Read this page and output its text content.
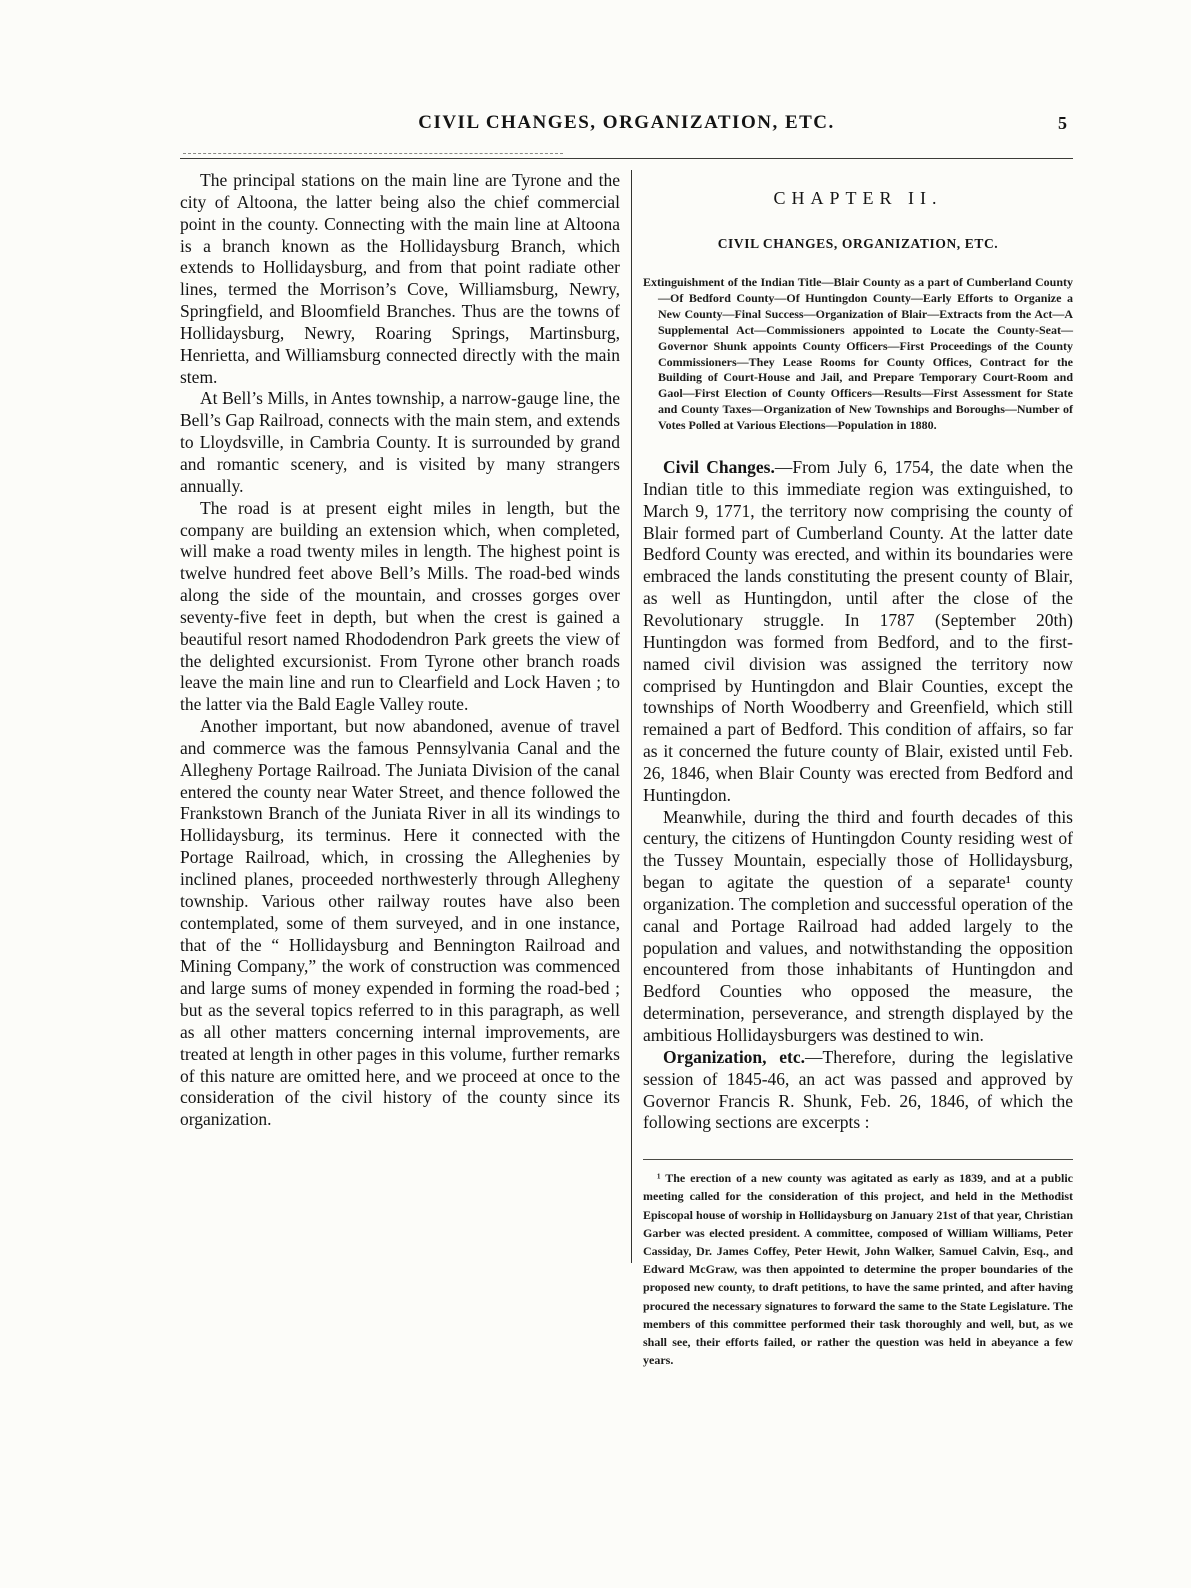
CIVIL CHANGES, ORGANIZATION, ETC.	5

The principal stations on the main line are Tyrone and the city of Altoona, the latter being also the chief commercial point in the county. Connecting with the main line at Altoona is a branch known as the Hollidaysburg Branch, which extends to Hollidaysburg, and from that point radiate other lines, termed the Morrison’s Cove, Williamsburg, Newry, Springfield, and Bloomfield Branches. Thus are the towns of Hollidaysburg, Newry, Roaring Springs, Martinsburg, Henrietta, and Williamsburg connected directly with the main stem.

At Bell’s Mills, in Antes township, a narrow-gauge line, the Bell’s Gap Railroad, connects with the main stem, and extends to Lloydsville, in Cambria County. It is surrounded by grand and romantic scenery, and is visited by many strangers annually.

The road is at present eight miles in length, but the company are building an extension which, when completed, will make a road twenty miles in length. The highest point is twelve hundred feet above Bell’s Mills. The road-bed winds along the side of the mountain, and crosses gorges over seventy-five feet in depth, but when the crest is gained a beautiful resort named Rhododendron Park greets the view of the delighted excursionist. From Tyrone other branch roads leave the main line and run to Clearfield and Lock Haven ; to the latter via the Bald Eagle Valley route.

Another important, but now abandoned, avenue of travel and commerce was the famous Pennsylvania Canal and the Allegheny Portage Railroad. The Juniata Division of the canal entered the county near Water Street, and thence followed the Frankstown Branch of the Juniata River in all its windings to Hollidaysburg, its terminus. Here it connected with the Portage Railroad, which, in crossing the Alleghenies by inclined planes, proceeded northwesterly through Allegheny township. Various other railway routes have also been contemplated, some of them surveyed, and in one instance, that of the “ Hollidaysburg and Bennington Railroad and Mining Company,” the work of construction was commenced and large sums of money expended in forming the road-bed ; but as the several topics referred to in this paragraph, as well as all other matters concerning internal improvements, are treated at length in other pages in this volume, further remarks of this nature are omitted here, and we proceed at once to the consideration of the civil history of the county since its organization.

CHAPTER II.
CIVIL CHANGES, ORGANIZATION, ETC.

Extinguishment of the Indian Title—Blair County as a part of Cumberland County—Of Bedford County—Of Huntingdon County—Early Efforts to Organize a New County—Final Success—Organization of Blair—Extracts from the Act—A Supplemental Act—Commissioners appointed to Locate the County-Seat—Governor Shunk appoints County Officers—First Proceedings of the County Commissioners—They Lease Rooms for County Offices, Contract for the Building of Court-House and Jail, and Prepare Temporary Court-Room and Gaol—First Election of County Officers—Results—First Assessment for State and County Taxes—Organization of New Townships and Boroughs—Number of Votes Polled at Various Elections—Population in 1880.

Civil Changes.—From July 6, 1754, the date when the Indian title to this immediate region was extinguished, to March 9, 1771, the territory now comprising the county of Blair formed part of Cumberland County. At the latter date Bedford County was erected, and within its boundaries were embraced the lands constituting the present county of Blair, as well as Huntingdon, until after the close of the Revolutionary struggle. In 1787 (September 20th) Huntingdon was formed from Bedford, and to the first-named civil division was assigned the territory now comprised by Huntingdon and Blair Counties, except the townships of North Woodberry and Greenfield, which still remained a part of Bedford. This condition of affairs, so far as it concerned the future county of Blair, existed until Feb. 26, 1846, when Blair County was erected from Bedford and Huntingdon.

Meanwhile, during the third and fourth decades of this century, the citizens of Huntingdon County residing west of the Tussey Mountain, especially those of Hollidaysburg, began to agitate the question of a separate¹ county organization. The completion and successful operation of the canal and Portage Railroad had added largely to the population and values, and notwithstanding the opposition encountered from those inhabitants of Huntingdon and Bedford Counties who opposed the measure, the determination, perseverance, and strength displayed by the ambitious Hollidaysburgers was destined to win.

Organization, etc.—Therefore, during the legislative session of 1845-46, an act was passed and approved by Governor Francis R. Shunk, Feb. 26, 1846, of which the following sections are excerpts :

¹ The erection of a new county was agitated as early as 1839, and at a public meeting called for the consideration of this project, and held in the Methodist Episcopal house of worship in Hollidaysburg on January 21st of that year, Christian Garber was elected president. A committee, composed of William Williams, Peter Cassiday, Dr. James Coffey, Peter Hewit, John Walker, Samuel Calvin, Esq., and Edward McGraw, was then appointed to determine the proper boundaries of the proposed new county, to draft petitions, to have the same printed, and after having procured the necessary signatures to forward the same to the State Legislature. The members of this committee performed their task thoroughly and well, but, as we shall see, their efforts failed, or rather the question was held in abeyance a few years.
